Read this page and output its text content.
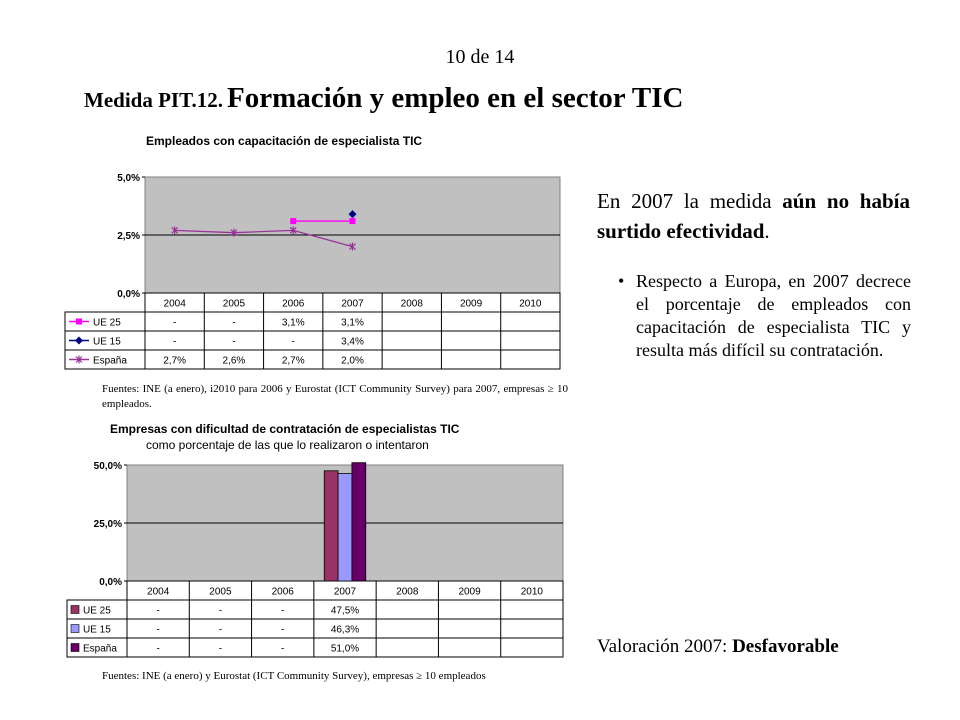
10 de 14
Medida PIT.12. Formación y empleo en el sector TIC
Empleados con capacitación de especialista TIC
5,0%
2,5%
0,0%
2004	2005	2006	2007	2008	2009	2010
UE 25	-	-	3,1%	3,1%
UE 15	-	-	-	3,4%
España	2,7%	2,6%	2,7%	2,0%
Fuentes: INE (a enero), i2010 para 2006 y Eurostat (ICT Community Survey) para 2007, empresas ≥ 10 empleados.
Empresas con dificultad de contratación de especialistas TIC
como porcentaje de las que lo realizaron o intentaron
50,0%
25,0%
0,0%
2004	2005	2006	2007	2008	2009	2010
UE 25	-	-	-	47,5%
UE 15	-	-	-	46,3%
España	-	-	-	51,0%
Fuentes: INE (a enero) y Eurostat (ICT Community Survey), empresas ≥ 10 empleados
En 2007 la medida aún no había surtido efectividad.
• Respecto a Europa, en 2007 decrece el porcentaje de empleados con capacitación de especialista TIC y resulta más difícil su contratación.
Valoración 2007: Desfavorable
